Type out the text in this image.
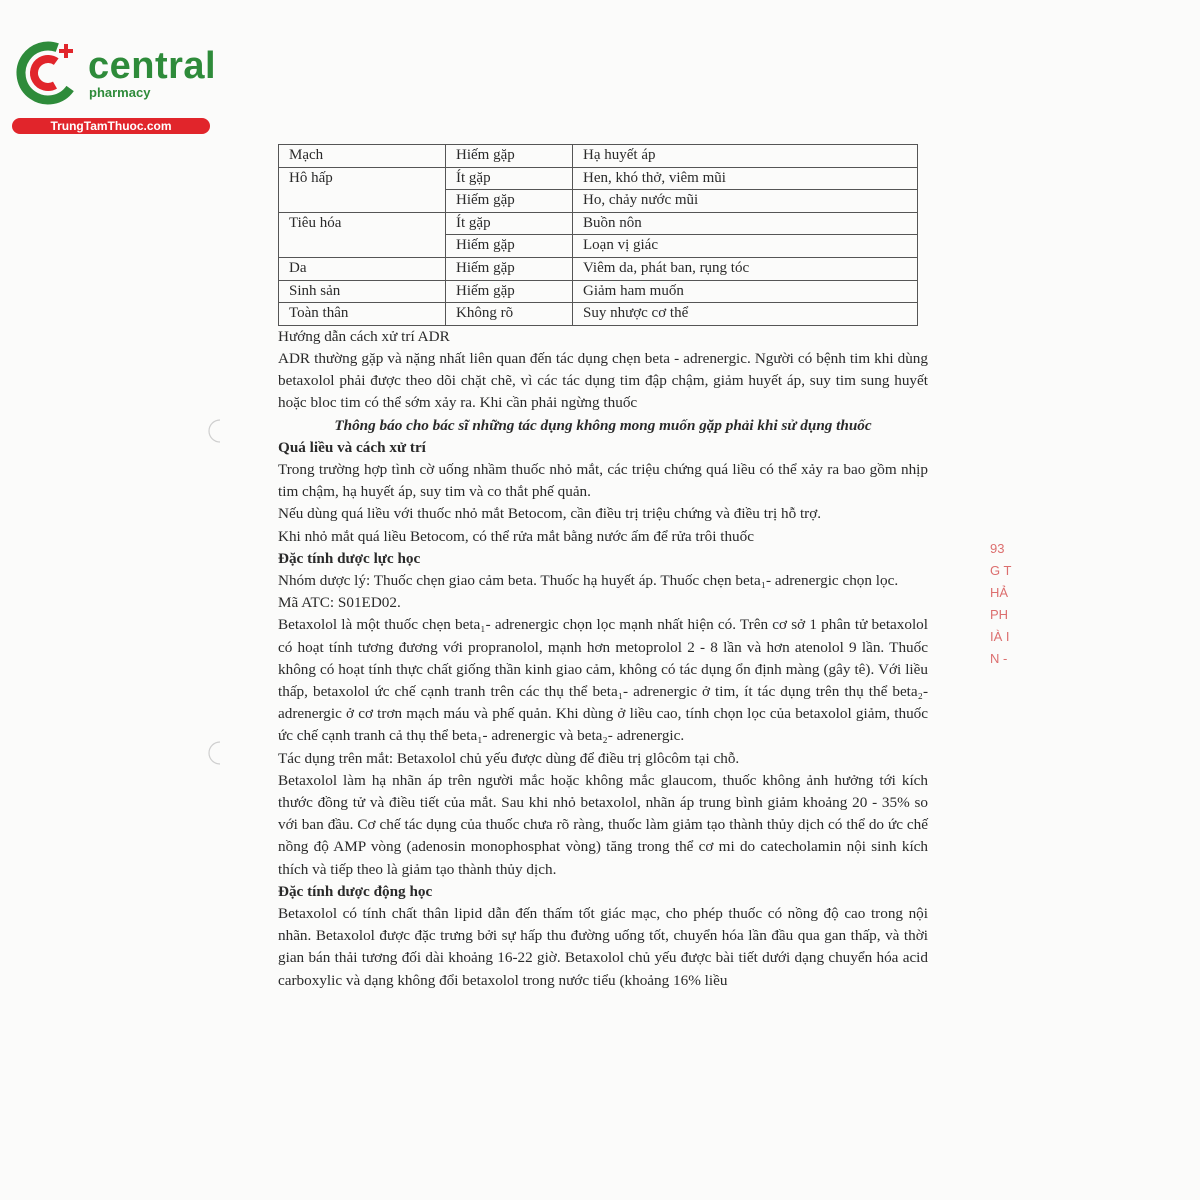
central
pharmacy
TrungTamThuoc.com
93
G T
HẢ
PH
IÀ I
N -
Mạch	Hiếm gặp	Hạ huyết áp
Hô hấp	Ít gặp	Hen, khó thở, viêm mũi
	Hiếm gặp	Ho, chảy nước mũi
Tiêu hóa	Ít gặp	Buồn nôn
	Hiếm gặp	Loạn vị giác
Da	Hiếm gặp	Viêm da, phát ban, rụng tóc
Sinh sản	Hiếm gặp	Giảm ham muốn
Toàn thân	Không rõ	Suy nhược cơ thể

Hướng dẫn cách xử trí ADR

ADR thường gặp và nặng nhất liên quan đến tác dụng chẹn beta - adrenergic. Người có bệnh tim khi dùng betaxolol phải được theo dõi chặt chẽ, vì các tác dụng tim đập chậm, giảm huyết áp, suy tim sung huyết hoặc bloc tim có thể sớm xảy ra. Khi cần phải ngừng thuốc

Thông báo cho bác sĩ những tác dụng không mong muốn gặp phải khi sử dụng thuốc

Quá liều và cách xử trí

Trong trường hợp tình cờ uống nhầm thuốc nhỏ mắt, các triệu chứng quá liều có thể xảy ra bao gồm nhịp tim chậm, hạ huyết áp, suy tim và co thắt phế quản.

Nếu dùng quá liều với thuốc nhỏ mắt Betocom, cần điều trị triệu chứng và điều trị hỗ trợ.

Khi nhỏ mắt quá liều Betocom, có thể rửa mắt bằng nước ấm để rửa trôi thuốc

Đặc tính dược lực học

Nhóm dược lý: Thuốc chẹn giao cảm beta. Thuốc hạ huyết áp. Thuốc chẹn beta₁- adrenergic chọn lọc.

Mã ATC: S01ED02.

Betaxolol là một thuốc chẹn beta₁- adrenergic chọn lọc mạnh nhất hiện có. Trên cơ sở 1 phân tử betaxolol có hoạt tính tương đương với propranolol, mạnh hơn metoprolol 2 - 8 lần và hơn atenolol 9 lần. Thuốc không có hoạt tính thực chất giống thần kinh giao cảm, không có tác dụng ổn định màng (gây tê). Với liều thấp, betaxolol ức chế cạnh tranh trên các thụ thể beta₁- adrenergic ở tim, ít tác dụng trên thụ thể beta₂- adrenergic ở cơ trơn mạch máu và phế quản. Khi dùng ở liều cao, tính chọn lọc của betaxolol giảm, thuốc ức chế cạnh tranh cả thụ thể beta₁- adrenergic và beta₂- adrenergic.

Tác dụng trên mắt: Betaxolol chủ yếu được dùng để điều trị glôcôm tại chỗ.

Betaxolol làm hạ nhãn áp trên người mắc hoặc không mắc glaucom, thuốc không ảnh hưởng tới kích thước đồng tử và điều tiết của mắt. Sau khi nhỏ betaxolol, nhãn áp trung bình giảm khoảng 20 - 35% so với ban đầu. Cơ chế tác dụng của thuốc chưa rõ ràng, thuốc làm giảm tạo thành thủy dịch có thể do ức chế nồng độ AMP vòng (adenosin monophosphat vòng) tăng trong thể cơ mi do catecholamin nội sinh kích thích và tiếp theo là giảm tạo thành thủy dịch.

Đặc tính dược động học

Betaxolol có tính chất thân lipid dẫn đến thấm tốt giác mạc, cho phép thuốc có nồng độ cao trong nội nhãn. Betaxolol được đặc trưng bởi sự hấp thu đường uống tốt, chuyển hóa lần đầu qua gan thấp, và thời gian bán thải tương đối dài khoảng 16-22 giờ. Betaxolol chủ yếu được bài tiết dưới dạng chuyển hóa acid carboxylic và dạng không đổi betaxolol trong nước tiểu (khoảng 16% liều
